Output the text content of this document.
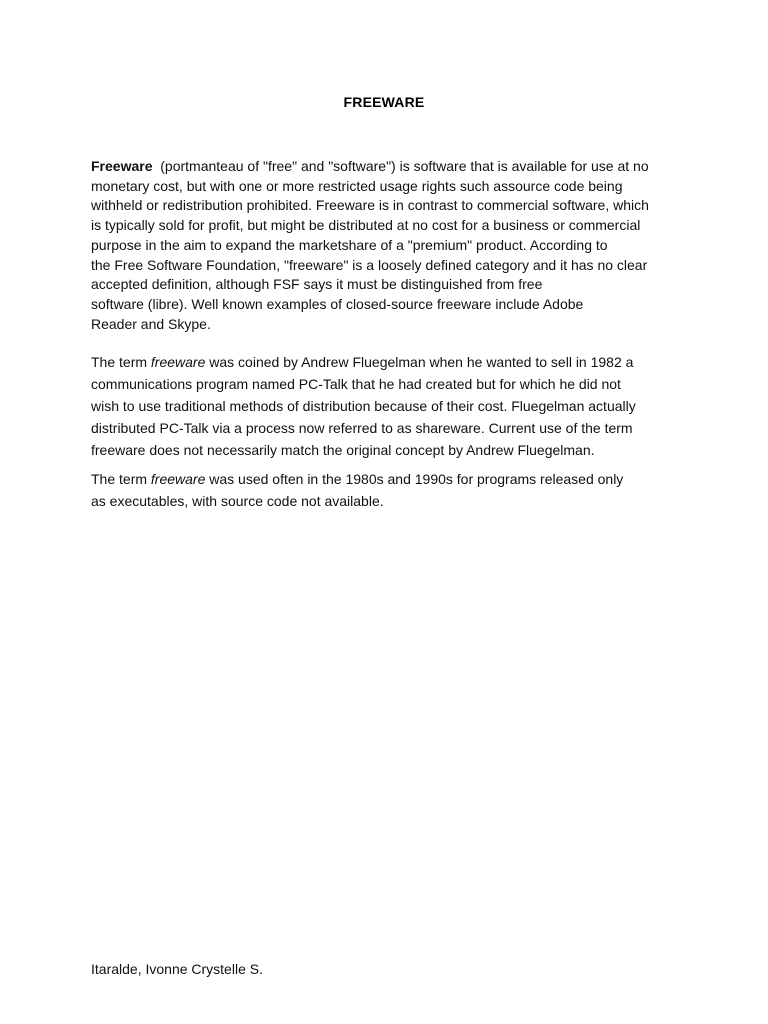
FREEWARE

Freeware  (portmanteau of "free" and "software") is software that is available for use at no
monetary cost, but with one or more restricted usage rights such assource code being
withheld or redistribution prohibited. Freeware is in contrast to commercial software, which
is typically sold for profit, but might be distributed at no cost for a business or commercial
purpose in the aim to expand the marketshare of a "premium" product. According to
the Free Software Foundation, "freeware" is a loosely defined category and it has no clear
accepted definition, although FSF says it must be distinguished from free
software (libre). Well known examples of closed-source freeware include Adobe
Reader and Skype.

The term freeware was coined by Andrew Fluegelman when he wanted to sell in 1982 a
communications program named PC-Talk that he had created but for which he did not
wish to use traditional methods of distribution because of their cost. Fluegelman actually
distributed PC-Talk via a process now referred to as shareware. Current use of the term
freeware does not necessarily match the original concept by Andrew Fluegelman.

The term freeware was used often in the 1980s and 1990s for programs released only
as executables, with source code not available.

Itaralde, Ivonne Crystelle S.
